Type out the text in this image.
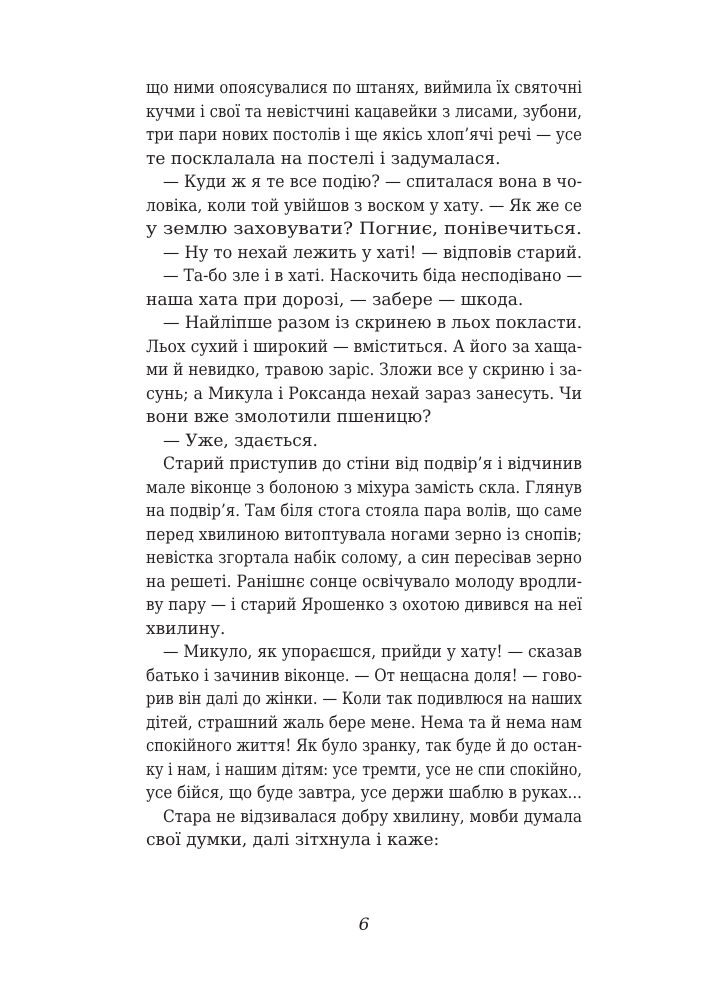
що ними опоясувалися по штанях, виймила їх святочні
кучми і свої та невістчині кацавейки з лисами, зубони,
три пари нових постолів і ще якісь хлоп’ячі речі — усе
те посклалала на постелі і задумалася.
— Куди ж я те все подію? — спиталася вона в чо-
ловіка, коли той увійшов з воском у хату. — Як же се
у землю заховувати? Погниє, понівечиться.
— Ну то нехай лежить у хаті! — відповів старий.
— Та-бо зле і в хаті. Наскочить біда несподівано —
наша хата при дорозі, — забере — шкода.
— Найліпше разом із скринею в льох покласти.
Льох сухий і широкий — вміститься. А його за хаща-
ми й невидко, травою заріс. Зложи все у скриню і за-
сунь; а Микула і Роксанда нехай зараз занесуть. Чи
вони вже змолотили пшеницю?
— Уже, здається.
Старий приступив до стіни від подвір’я і відчинив
мале віконце з болоною з міхура замість скла. Глянув
на подвір’я. Там біля стога стояла пара волів, що саме
перед хвилиною витоптувала ногами зерно із снопів;
невістка згортала набік солому, а син пересівав зерно
на решеті. Ранішнє сонце освічувало молоду вродли-
ву пару — і старий Ярошенко з охотою дивився на неї
хвилину.
— Микуло, як упораєшся, прийди у хату! — сказав
батько і зачинив віконце. — От нещасна доля! — гово-
рив він далі до жінки. — Коли так подивлюся на наших
дітей, страшний жаль бере мене. Нема та й нема нам
спокійного життя! Як було зранку, так буде й до остан-
ку і нам, і нашим дітям: усе тремти, усе не спи спокійно,
усе бійся, що буде завтра, усе держи шаблю в руках...
Стара не відзивалася добру хвилину, мовби думала
свої думки, далі зітхнула і каже:
6
